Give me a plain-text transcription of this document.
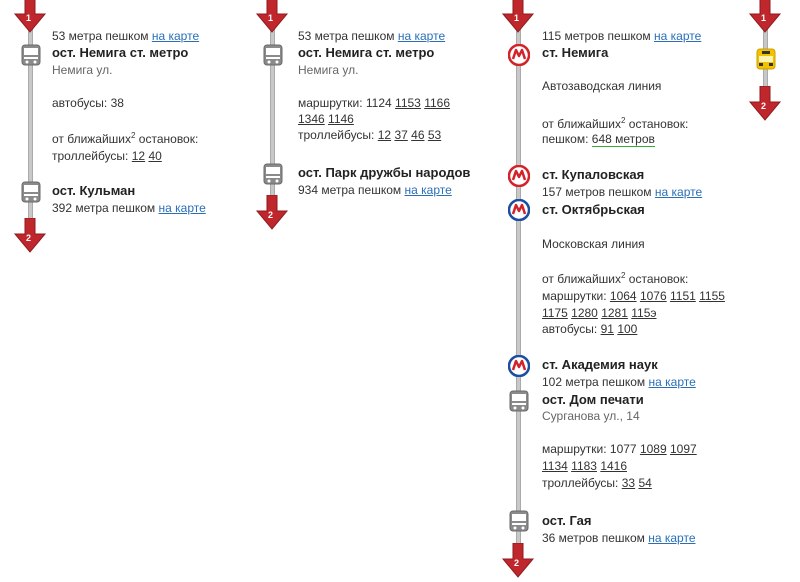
1
2
53 метра пешком на карте
ост. Немига ст. метро
Немига ул.
автобусы: 38
от ближайших$^2$ остановок:
троллейбусы: 12 40
ост. Кульман
392 метра пешком на карте
1
2
53 метра пешком на карте
ост. Немига ст. метро
Немига ул.
маршрутки: 1124 1153 1166
1346 1146
троллейбусы: 12 37 46 53
ост. Парк дружбы народов
934 метра пешком на карте
1
2
115 метров пешком на карте
ст. Немига
Автозаводская линия
от ближайших$^2$ остановок:
пешком: 648 метров
ст. Купаловская
157 метров пешком на карте
ст. Октябрьская
Московская линия
от ближайших$^2$ остановок:
маршрутки: 1064 1076 1151 1155
1175 1280 1281 115э
автобусы: 91 100
ст. Академия наук
102 метра пешком на карте
ост. Дом печати
Сурганова ул., 14
маршрутки: 1077 1089 1097
1134 1183 1416
троллейбусы: 33 54
ост. Гая
36 метров пешком на карте
1
2
